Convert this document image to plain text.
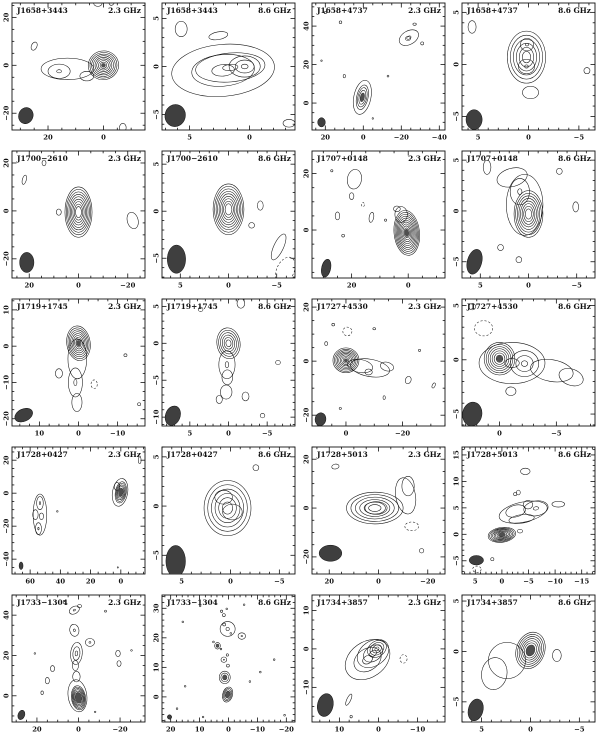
20	0
20
0
−20
J1658+3443	2.3 GHz
5	0
5
0
−5
J1658+3443	8.6 GHz
20	0	−20	−40
40
20
0
J1658+4737	2.3 GHz
5	0	−5
5
0
−5
J1658+4737	8.6 GHz
20	0	−20
20
0
−20
J1700−2610	2.3 GHz
5	0	−5
5
0
−5
J1700−2610	8.6 GHz
20	0
20
0
J1707+0148	2.3 GHz
5	0	−5
5
0
−5
J1707+0148	8.6 GHz
10	0	−10
10
0
−10
−20
J1719+1745	2.3 GHz
5	0	−5
5
0
−5
−10
J1719+1745	8.6 GHz
0	−20
20
0
−20
J1727+4530	2.3 GHz
0	−5
5
0
−5
J1727+4530	8.6 GHz
60	40	20	0
20
0
−20
−40
J1728+0427	2.3 GHz
5	0	−5
5
0
−5
J1728+0427	8.6 GHz
20	0	−20
20
0
−20
J1728+5013	2.3 GHz
5	0	−5 −10 −15
15
10
5
0
−5
J1728+5013	8.6 GHz
20	0	−20
40
20
0
J1733−1304	2.3 GHz
20	10	0	−10 −20
30
20
10
0
J1733−1304	8.6 GHz
10	0	−10
10
0
−10
J1734+3857	2.3 GHz
5	0	−5
5
0
−5
J1734+3857	8.6 GHz
